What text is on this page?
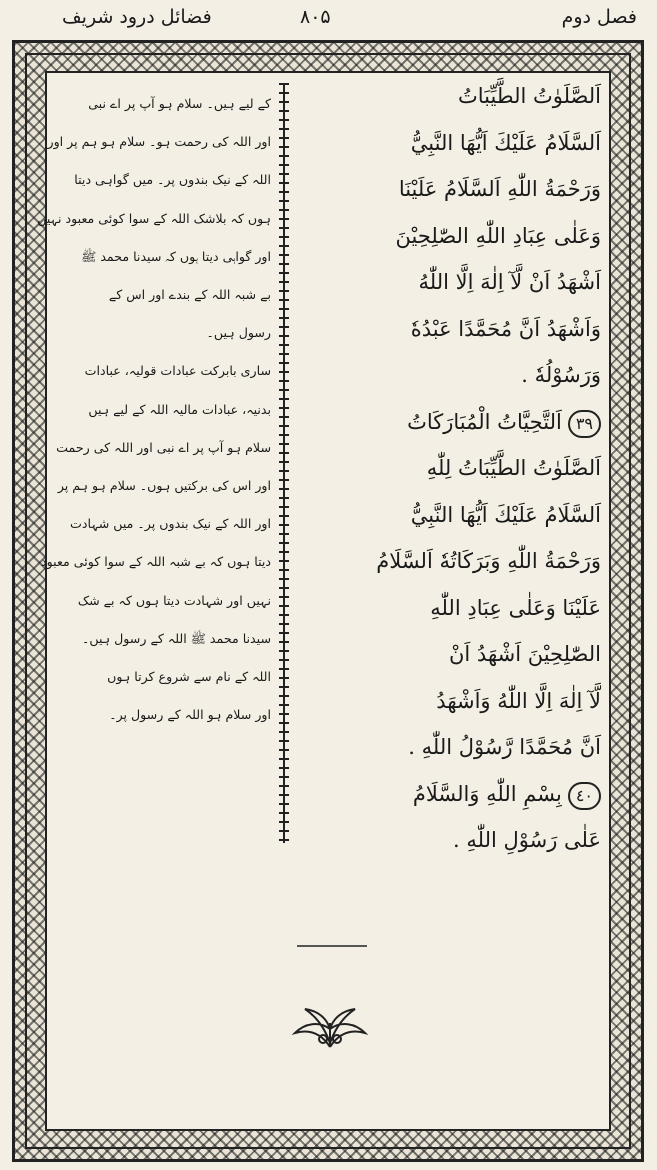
فصل دوم
۸۰۵
فضائل درود شریف

اَلصَّلَوٰتُ الطَّيِّبَاتُ

اَلسَّلَامُ عَلَيْكَ اَيُّهَا النَّبِيُّ

وَرَحْمَةُ اللّٰهِ اَلسَّلَامُ عَلَيْنَا

وَعَلٰى عِبَادِ اللّٰهِ الصّٰلِحِيْنَ

اَشْهَدُ اَنْ لَّآ اِلٰهَ اِلَّا اللّٰهُ

وَاَشْهَدُ اَنَّ مُحَمَّدًا عَبْدُهٗ

وَرَسُوْلُهٗ .

٣٩اَلتَّحِيَّاتُ الْمُبَارَكَاتُ

اَلصَّلَوٰتُ الطَّيِّبَاتُ لِلّٰهِ

اَلسَّلَامُ عَلَيْكَ اَيُّهَا النَّبِيُّ

وَرَحْمَةُ اللّٰهِ وَبَرَكَاتُهٗ اَلسَّلَامُ

عَلَيْنَا وَعَلٰى عِبَادِ اللّٰهِ

الصّٰلِحِيْنَ اَشْهَدُ اَنْ

لَّآ اِلٰهَ اِلَّا اللّٰهُ وَاَشْهَدُ

اَنَّ مُحَمَّدًا رَّسُوْلُ اللّٰهِ .

٤٠بِسْمِ اللّٰهِ وَالسَّلَامُ

عَلٰى رَسُوْلِ اللّٰهِ .

کے لیے ہیں۔ سلام ہو آپ پر اے نبی

اور اللہ کی رحمت ہو۔ سلام ہو ہم پر اور

اللہ کے نیک بندوں پر۔ میں گواہی دیتا

ہوں کہ بلاشک اللہ کے سوا کوئی معبود نہیں

اور گواہی دیتا ہوں کہ سیدنا محمد ﷺ

بے شبہ اللہ کے بندے اور اس کے

رسول ہیں۔

ساری بابرکت عبادات قولیہ، عبادات

بدنیہ، عبادات مالیہ اللہ کے لیے ہیں

سلام ہو آپ پر اے نبی اور اللہ کی رحمت

اور اس کی برکتیں ہوں۔ سلام ہو ہم پر

اور اللہ کے نیک بندوں پر۔ میں شہادت

دیتا ہوں کہ بے شبہ اللہ کے سوا کوئی معبود

نہیں اور شہادت دیتا ہوں کہ بے شک

سیدنا محمد ﷺ اللہ کے رسول ہیں۔

اللہ کے نام سے شروع کرتا ہوں

اور سلام ہو اللہ کے رسول پر۔
